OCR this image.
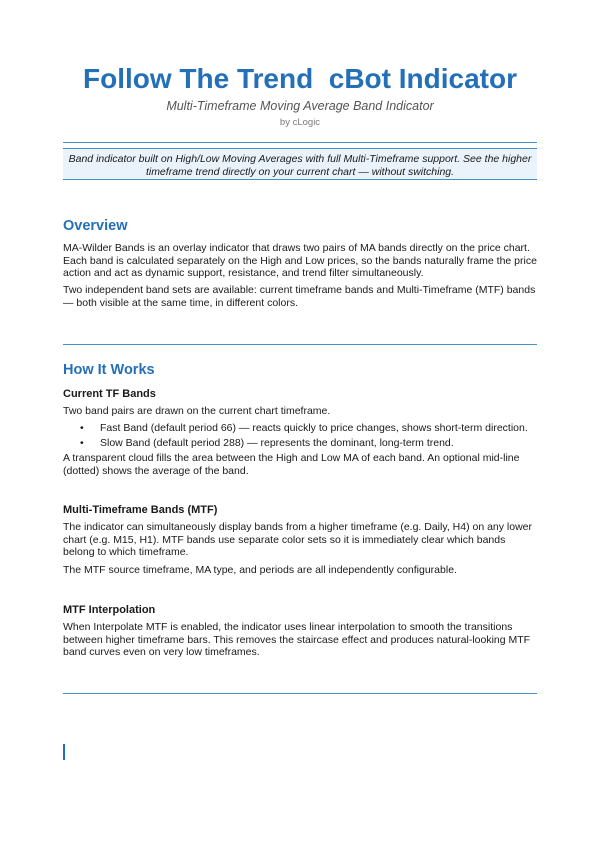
Follow The Trend  cBot Indicator
Multi-Timeframe Moving Average Band Indicator
by cLogic
Band indicator built on High/Low Moving Averages with full Multi-Timeframe support. See the higher timeframe trend directly on your current chart — without switching.
Overview
MA-Wilder Bands is an overlay indicator that draws two pairs of MA bands directly on the price chart. Each band is calculated separately on the High and Low prices, so the bands naturally frame the price action and act as dynamic support, resistance, and trend filter simultaneously.
Two independent band sets are available: current timeframe bands and Multi-Timeframe (MTF) bands — both visible at the same time, in different colors.
How It Works
Current TF Bands
Two band pairs are drawn on the current chart timeframe.
•	Fast Band (default period 66) — reacts quickly to price changes, shows short-term direction.
•	Slow Band (default period 288) — represents the dominant, long-term trend.
A transparent cloud fills the area between the High and Low MA of each band. An optional mid-line (dotted) shows the average of the band.
Multi-Timeframe Bands (MTF)
The indicator can simultaneously display bands from a higher timeframe (e.g. Daily, H4) on any lower chart (e.g. M15, H1). MTF bands use separate color sets so it is immediately clear which bands belong to which timeframe.
The MTF source timeframe, MA type, and periods are all independently configurable.
MTF Interpolation
When Interpolate MTF is enabled, the indicator uses linear interpolation to smooth the transitions between higher timeframe bars. This removes the staircase effect and produces natural-looking MTF band curves even on very low timeframes.
